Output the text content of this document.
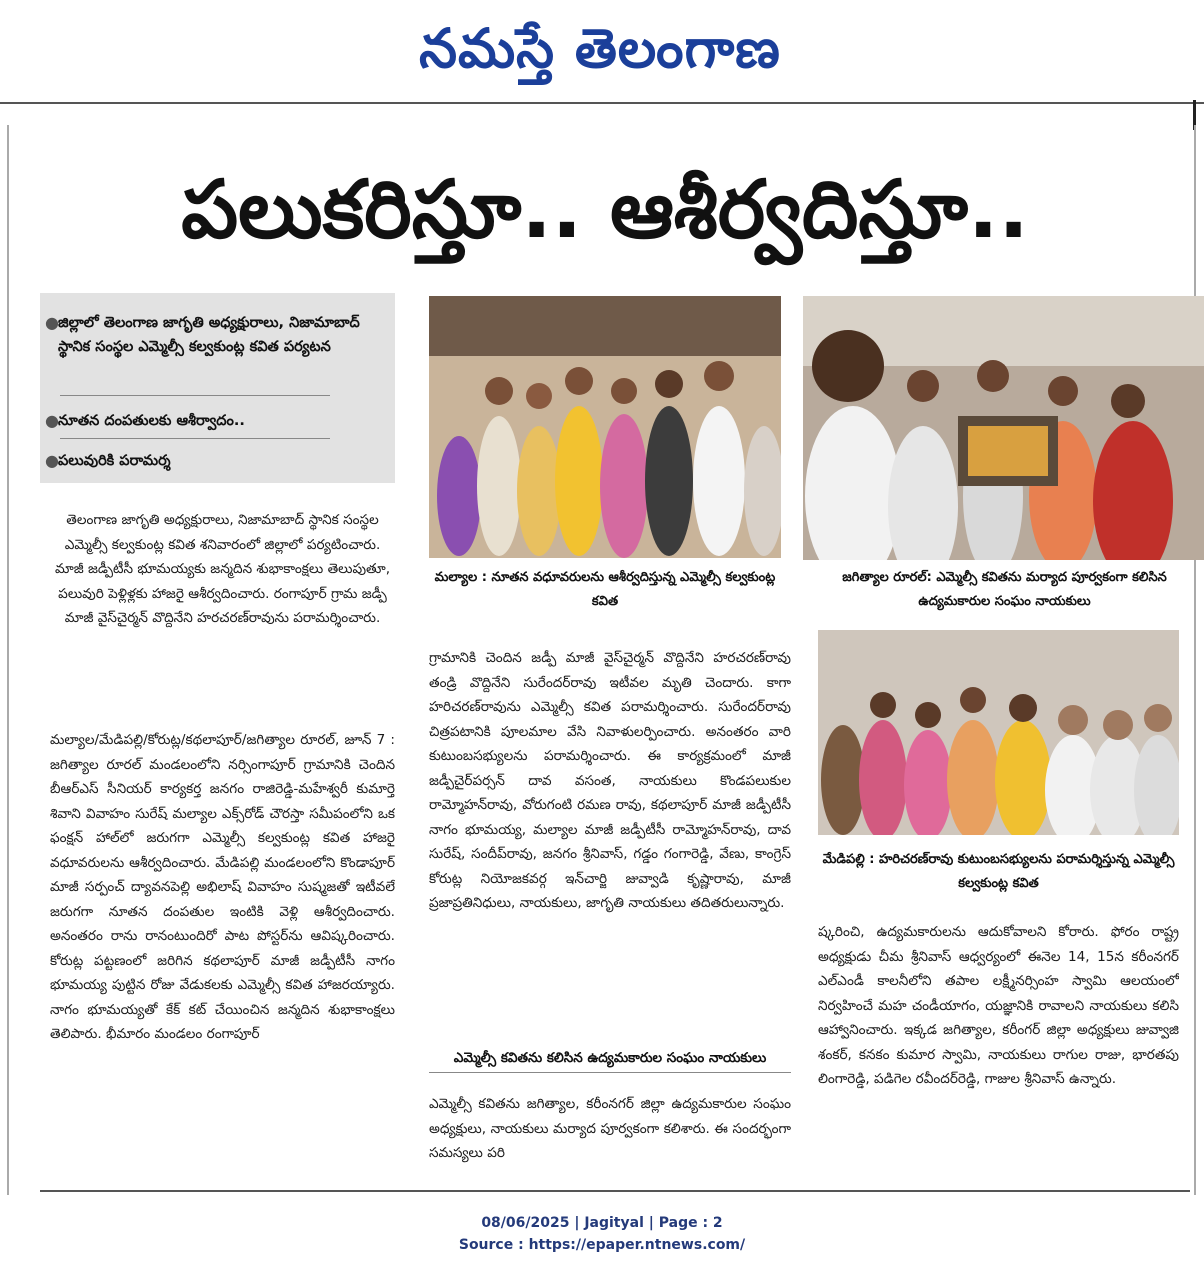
నమస్తే తెలంగాణ
పలుకరిస్తూ.. ఆశీర్వదిస్తూ..
● జిల్లాలో తెలంగాణ జాగృతి అధ్యక్షురాలు, నిజామాబాద్ స్థానిక సంస్థల ఎమ్మెల్సీ కల్వకుంట్ల కవిత పర్యటన
● నూతన దంపతులకు ఆశీర్వాదం..
● పలువురికి పరామర్శ
తెలంగాణ జాగృతి అధ్యక్షురాలు, నిజామాబాద్ స్థానిక సంస్థల ఎమ్మెల్సీ కల్వకుంట్ల కవిత శనివారంలో జిల్లాలో పర్యటించారు. మాజీ జడ్పీటీసీ భూమయ్యకు జన్మదిన శుభాకాంక్షలు తెలుపుతూ, పలువురి పెళ్లిళ్లకు హాజరై ఆశీర్వదించారు. రంగాపూర్ గ్రామ జడ్పీ మాజీ వైస్‌చైర్మన్ వొద్దినేని హరచరణ్‌రావును పరామర్శించారు.
మల్యాల/మేడిపల్లి/కోరుట్ల/కథలాపూర్/జగిత్యాల రూరల్, జూన్ 7 : జగిత్యాల రూరల్ మండలంలోని నర్సింగాపూర్ గ్రామానికి చెందిన బీఆర్ఎస్ సీనియర్ కార్యకర్త జనగం రాజిరెడ్డి-మహేశ్వరీ కుమార్తె శివాని వివాహం సురేష్ మల్యాల ఎక్స్‌రోడ్ చౌరస్తా సమీపంలోని ఒక ఫంక్షన్ హాల్‌లో జరుగగా ఎమ్మెల్సీ కల్వకుంట్ల కవిత హాజరై వధూవరులను ఆశీర్వదించారు. మేడిపల్లి మండలంలోని కొండాపూర్ మాజీ సర్పంచ్ ద్యావనపెల్లి అభిలాష్ వివాహం సుష్మజతో ఇటీవలే జరుగగా నూతన దంపతుల ఇంటికి వెళ్లి ఆశీర్వదించారు. అనంతరం రాను రానంటుందిరో పాట పోస్టర్‌ను ఆవిష్కరించారు. కోరుట్ల పట్టణంలో జరిగిన కథలాపూర్ మాజీ జడ్పీటీసీ నాగం భూమయ్య పుట్టిన రోజు వేడుకలకు ఎమ్మెల్సీ కవిత హాజరయ్యారు. నాగం భూమయ్యతో కేక్ కట్ చేయించిన జన్మదిన శుభాకాంక్షలు తెలిపారు. భీమారం మండలం రంగాపూర్
మల్యాల : నూతన వధూవరులను ఆశీర్వదిస్తున్న ఎమ్మెల్సీ కల్వకుంట్ల కవిత
జగిత్యాల రూరల్: ఎమ్మెల్సీ కవితను మర్యాద పూర్వకంగా కలిసిన ఉద్యమకారుల సంఘం నాయకులు
మేడిపల్లి : హరిచరణ్‌రావు కుటుంబసభ్యులను పరామర్శిస్తున్న ఎమ్మెల్సీ కల్వకుంట్ల కవిత
గ్రామానికి చెందిన జడ్పీ మాజీ వైస్‌చైర్మన్ వొద్దినేని హరచరణ్‌రావు తండ్రి వొద్దినేని సురేందర్‌రావు ఇటీవల మృతి చెందారు. కాగా హరిచరణ్‌రావును ఎమ్మెల్సీ కవిత పరామర్శించారు. సురేందర్‌రావు చిత్రపటానికి పూలమాల వేసి నివాళులర్పించారు. అనంతరం వారి కుటుంబసభ్యులను పరామర్శించారు. ఈ కార్యక్రమంలో మాజీ జడ్పీచైర్‌పర్సన్ దావ వసంత, నాయకులు కొండపలుకుల రామ్మోహన్‌రావు, వోరుగంటి రమణ రావు, కథలాపూర్ మాజీ జడ్పీటీసీ నాగం భూమయ్య, మల్యాల మాజీ జడ్పీటీసీ రామ్మోహన్‌రావు, దావ సురేష్, సందీప్‌రావు, జనగం శ్రీనివాస్, గడ్డం గంగారెడ్డి, వేణు, కాంగ్రెస్ కోరుట్ల నియోజకవర్గ ఇన్‌చార్జి జువ్వాడి కృష్ణారావు, మాజీ ప్రజాప్రతినిధులు, నాయకులు, జాగృతి నాయకులు తదితరులున్నారు.
ఎమ్మెల్సీ కవితను కలిసిన ఉద్యమకారుల సంఘం నాయకులు
ఎమ్మెల్సీ కవితను జగిత్యాల, కరీంనగర్ జిల్లా ఉద్యమకారుల సంఘం అధ్యక్షులు, నాయకులు మర్యాద పూర్వకంగా కలిశారు. ఈ సందర్భంగా సమస్యలు పరి
ష్కరించి, ఉద్యమకారులను ఆదుకోవాలని కోరారు. ఫోరం రాష్ట్ర అధ్యక్షుడు చీమ శ్రీనివాస్ ఆధ్వర్యంలో ఈనెల 14, 15న కరీంనగర్ ఎల్ఎండీ కాలనీలోని తపాల లక్ష్మీనర్సింహ స్వామి ఆలయంలో నిర్వహించే మహ చండీయాగం, యజ్ఞానికి రావాలని నాయకులు కలిసి ఆహ్వానించారు. ఇక్కడ జగిత్యాల, కరీంగర్ జిల్లా అధ్యక్షులు జువ్వాజి శంకర్, కనకం కుమార స్వామి, నాయకులు రాగుల రాజు, భారతపు లింగారెడ్డి, పడిగెల రవీందర్‌రెడ్డి, గాజుల శ్రీనివాస్ ఉన్నారు.
08/06/2025 | Jagityal | Page : 2
Source : https://epaper.ntnews.com/
